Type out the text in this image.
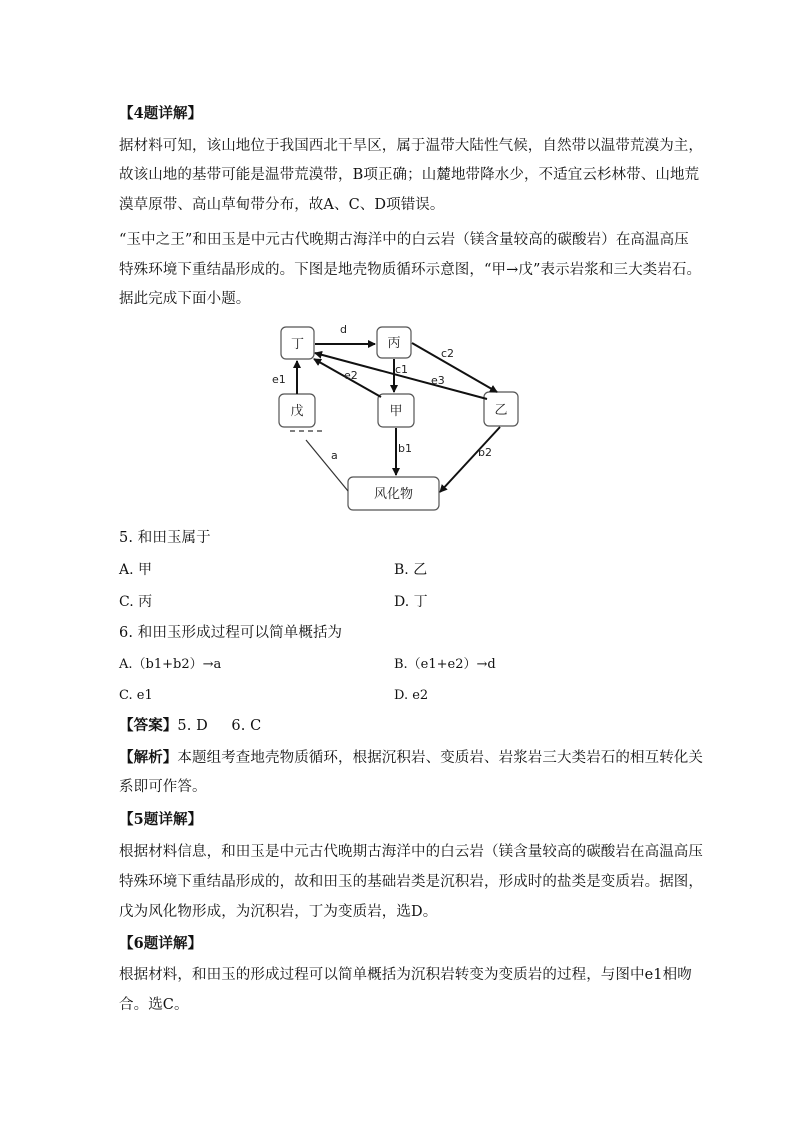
【4题详解】
据材料可知，该山地位于我国西北干旱区，属于温带大陆性气候，自然带以温带荒漠为主，
故该山地的基带可能是温带荒漠带，B项正确；山麓地带降水少，不适宜云杉林带、山地荒
漠草原带、高山草甸带分布，故A、C、D项错误。
“玉中之王”和田玉是中元古代晚期古海洋中的白云岩（镁含量较高的碳酸岩）在高温高压
特殊环境下重结晶形成的。下图是地壳物质循环示意图，“甲→戊”表示岩浆和三大类岩石。
据此完成下面小题。
丁	丙
戊	甲	乙
风化物
d
c1
c2
e1	e2	e3
b1	b2
a
5. 和田玉属于
A. 甲	B. 乙
C. 丙	D. 丁
6. 和田玉形成过程可以简单概括为
A.（b1+b2）→a	B.（e1+e2）→d
C. e1	D. e2
【答案】5. D     6. C
【解析】本题组考查地壳物质循环，根据沉积岩、变质岩、岩浆岩三大类岩石的相互转化关
系即可作答。
【5题详解】
根据材料信息，和田玉是中元古代晚期古海洋中的白云岩（镁含量较高的碳酸岩在高温高压
特殊环境下重结晶形成的，故和田玉的基础岩类是沉积岩，形成时的盐类是变质岩。据图，
戊为风化物形成，为沉积岩，丁为变质岩，选D。
【6题详解】
根据材料，和田玉的形成过程可以简单概括为沉积岩转变为变质岩的过程，与图中e1相吻
合。选C。
